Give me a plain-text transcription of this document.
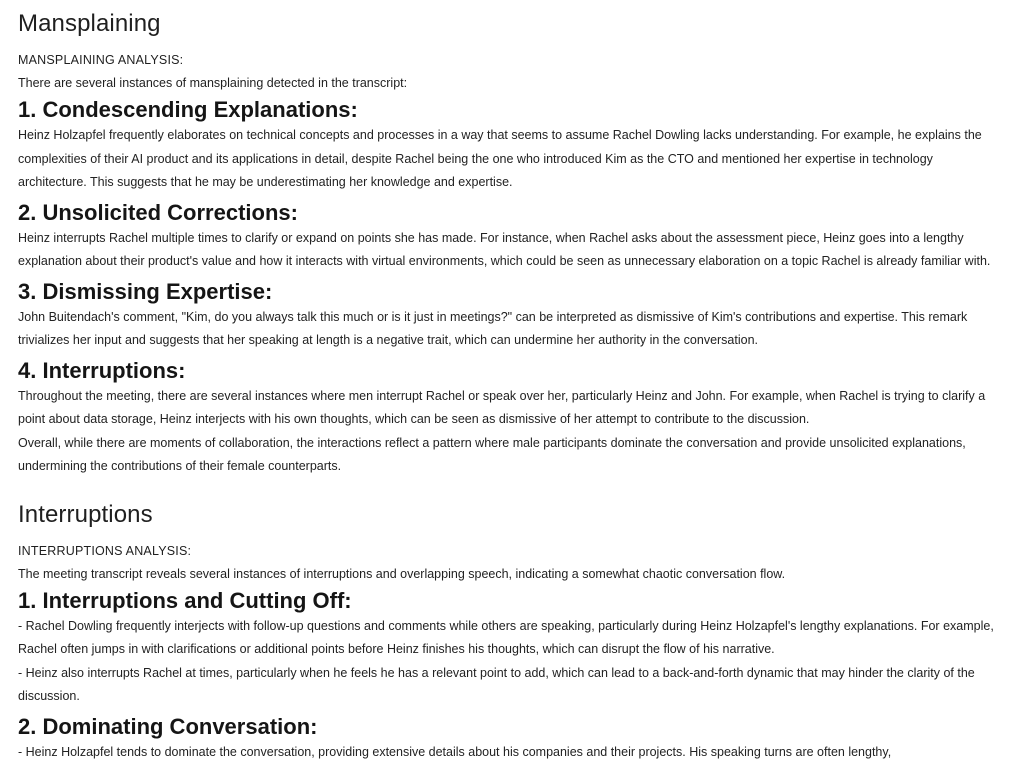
Mansplaining

MANSPLAINING ANALYSIS:

There are several instances of mansplaining detected in the transcript:

1. Condescending Explanations:

Heinz Holzapfel frequently elaborates on technical concepts and processes in a way that seems to assume Rachel Dowling lacks understanding. For example, he explains the complexities of their AI product and its applications in detail, despite Rachel being the one who introduced Kim as the CTO and mentioned her expertise in technology architecture. This suggests that he may be underestimating her knowledge and expertise.

2. Unsolicited Corrections:

Heinz interrupts Rachel multiple times to clarify or expand on points she has made. For instance, when Rachel asks about the assessment piece, Heinz goes into a lengthy explanation about their product's value and how it interacts with virtual environments, which could be seen as unnecessary elaboration on a topic Rachel is already familiar with.

3. Dismissing Expertise:

John Buitendach's comment, "Kim, do you always talk this much or is it just in meetings?" can be interpreted as dismissive of Kim's contributions and expertise. This remark trivializes her input and suggests that her speaking at length is a negative trait, which can undermine her authority in the conversation.

4. Interruptions:

Throughout the meeting, there are several instances where men interrupt Rachel or speak over her, particularly Heinz and John. For example, when Rachel is trying to clarify a point about data storage, Heinz interjects with his own thoughts, which can be seen as dismissive of her attempt to contribute to the discussion.

Overall, while there are moments of collaboration, the interactions reflect a pattern where male participants dominate the conversation and provide unsolicited explanations, undermining the contributions of their female counterparts.

Interruptions

INTERRUPTIONS ANALYSIS:

The meeting transcript reveals several instances of interruptions and overlapping speech, indicating a somewhat chaotic conversation flow.

1. Interruptions and Cutting Off:

- Rachel Dowling frequently interjects with follow-up questions and comments while others are speaking, particularly during Heinz Holzapfel's lengthy explanations. For example, Rachel often jumps in with clarifications or additional points before Heinz finishes his thoughts, which can disrupt the flow of his narrative.

- Heinz also interrupts Rachel at times, particularly when he feels he has a relevant point to add, which can lead to a back-and-forth dynamic that may hinder the clarity of the discussion.

2. Dominating Conversation:

- Heinz Holzapfel tends to dominate the conversation, providing extensive details about his companies and their projects. His speaking turns are often lengthy,
